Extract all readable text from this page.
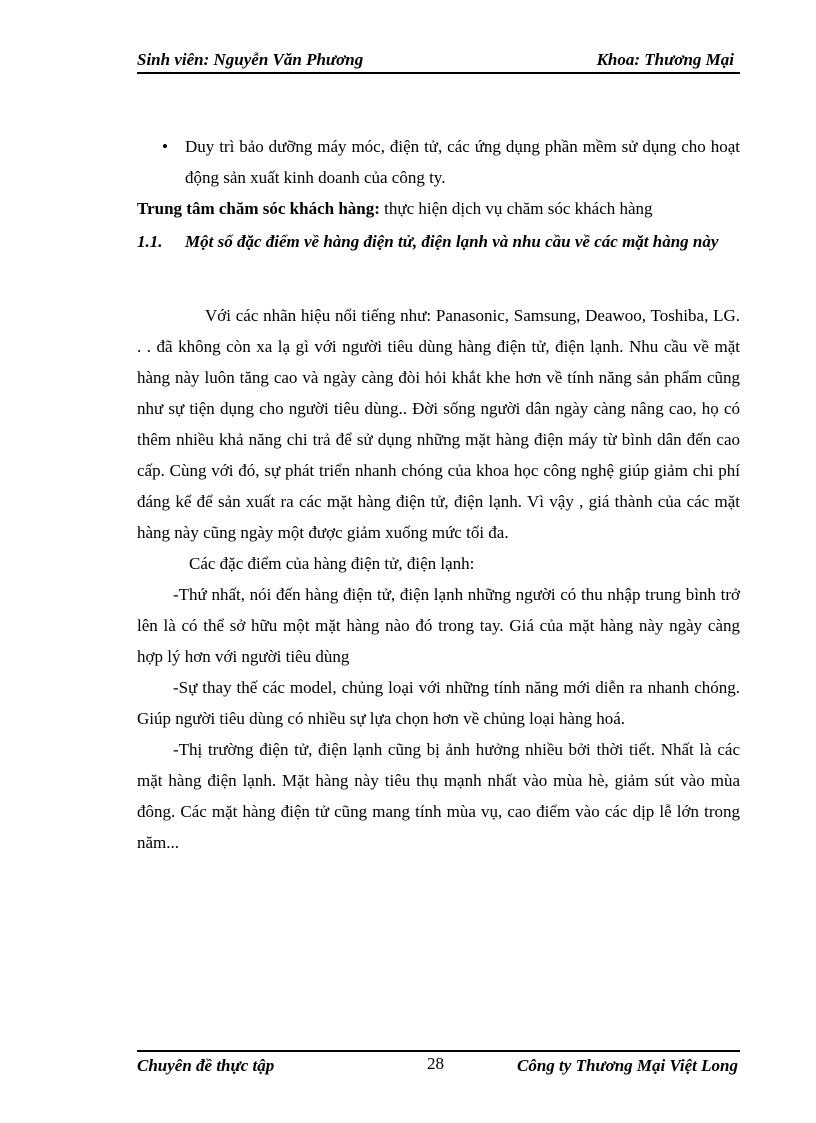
Sinh viên: Nguyễn Văn Phương	Khoa: Thương Mại
• Duy trì bảo dưỡng máy móc, điện tử, các ứng dụng phần mềm sử dụng cho hoạt động sản xuất kinh doanh của công ty.
Trung tâm chăm sóc khách hàng: thực hiện dịch vụ chăm sóc khách hàng
1.1. Một số đặc điểm về hàng điện tử, điện lạnh và nhu cầu về các mặt hàng này

Với các nhãn hiệu nổi tiếng như: Panasonic, Samsung, Deawoo, Toshiba, LG. . . đã không còn xa lạ gì với người tiêu dùng hàng điện tử, điện lạnh. Nhu cầu về mặt hàng này luôn tăng cao và ngày càng đòi hỏi khắt khe hơn về tính năng sản phẩm cũng như sự tiện dụng cho người tiêu dùng.. Đời sống người dân ngày càng nâng cao, họ có thêm nhiều khả năng chi trả để sử dụng những mặt hàng điện máy từ bình dân đến cao cấp. Cùng với đó, sự phát triển nhanh chóng của khoa học công nghệ giúp giảm chi phí đáng kể để sản xuất ra các mặt hàng điện tử, điện lạnh. Vì vậy , giá thành của các mặt hàng này cũng ngày một được giảm xuống mức tối đa.

Các đặc điểm của hàng điện tử, điện lạnh:

-Thứ nhất, nói đến hàng điện tử, điện lạnh những người có thu nhập trung bình trở lên là có thể sở hữu một mặt hàng nào đó trong tay. Giá của mặt hàng này ngày càng hợp lý hơn với người tiêu dùng

-Sự thay thế các model, chủng loại với những tính năng mới diễn ra nhanh chóng. Giúp người tiêu dùng có nhiều sự lựa chọn hơn về chủng loại hàng hoá.

-Thị trường điện tử, điện lạnh cũng bị ảnh hưởng nhiều bởi thời tiết. Nhất là các mặt hàng điện lạnh. Mặt hàng này tiêu thụ mạnh nhất vào mùa hè, giảm sút vào mùa đông. Các mặt hàng điện tử cũng mang tính mùa vụ, cao điểm vào các dịp lễ lớn trong năm...

Chuyên đề thực tập	28	Công ty Thương Mại Việt Long
